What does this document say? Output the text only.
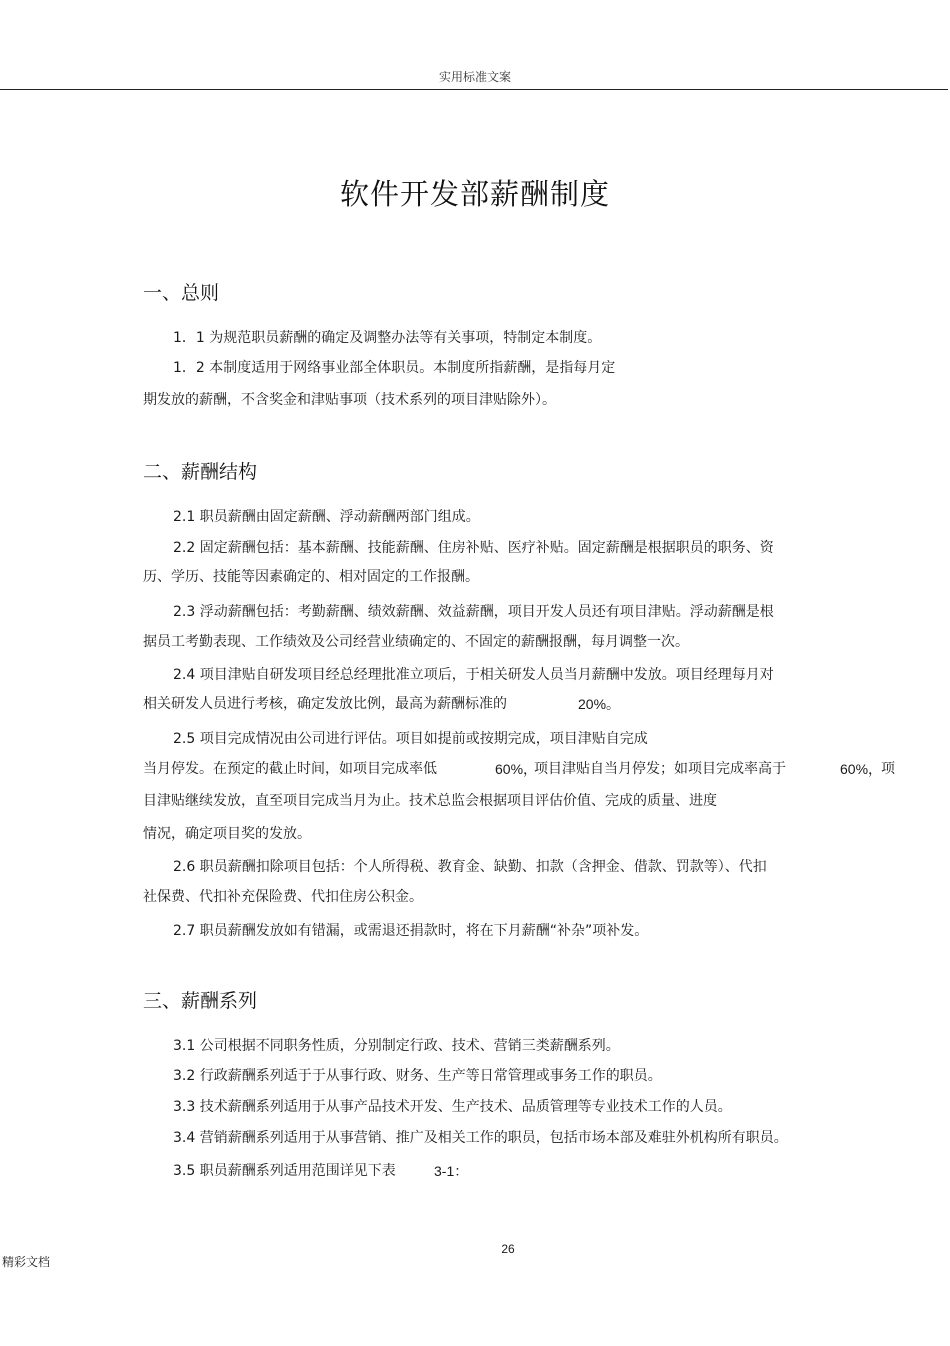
实用标准文案
软件开发部薪酬制度
一、总则
1．1 为规范职员薪酬的确定及调整办法等有关事项，特制定本制度。
1．2 本制度适用于网络事业部全体职员。本制度所指薪酬，是指每月定
期发放的薪酬，不含奖金和津贴事项（技术系列的项目津贴除外）。
二、薪酬结构
2.1 职员薪酬由固定薪酬、浮动薪酬两部门组成。
2.2 固定薪酬包括：基本薪酬、技能薪酬、住房补贴、医疗补贴。固定薪酬是根据职员的职务、资
历、学历、技能等因素确定的、相对固定的工作报酬。
2.3 浮动薪酬包括：考勤薪酬、绩效薪酬、效益薪酬，项目开发人员还有项目津贴。浮动薪酬是根
据员工考勤表现、工作绩效及公司经营业绩确定的、不固定的薪酬报酬，每月调整一次。
2.4 项目津贴自研发项目经总经理批准立项后，于相关研发人员当月薪酬中发放。项目经理每月对
相关研发人员进行考核，确定发放比例，最高为薪酬标准的	20%。
2.5 项目完成情况由公司进行评估。项目如提前或按期完成，项目津贴自完成
当月停发。在预定的截止时间，如项目完成率低	60%，
项目津贴自当月停发；如项目完成率高于	60%，
项
目津贴继续发放，直至项目完成当月为止。技术总监会根据项目评估价值、完成的质量、进度
情况，确定项目奖的发放。
2.6 职员薪酬扣除项目包括：个人所得税、教育金、缺勤、扣款（含押金、借款、罚款等）、代扣
社保费、代扣补充保险费、代扣住房公积金。
2.7 职员薪酬发放如有错漏，或需退还捐款时，将在下月薪酬“补杂”项补发。
三、薪酬系列
3.1 公司根据不同职务性质，分别制定行政、技术、营销三类薪酬系列。
3.2 行政薪酬系列适于于从事行政、财务、生产等日常管理或事务工作的职员。
3.3 技术薪酬系列适用于从事产品技术开发、生产技术、品质管理等专业技术工作的人员。
3.4 营销薪酬系列适用于从事营销、推广及相关工作的职员，包括市场本部及难驻外机构所有职员。
3.5 职员薪酬系列适用范围详见下表	3-1：
26
精彩文档
